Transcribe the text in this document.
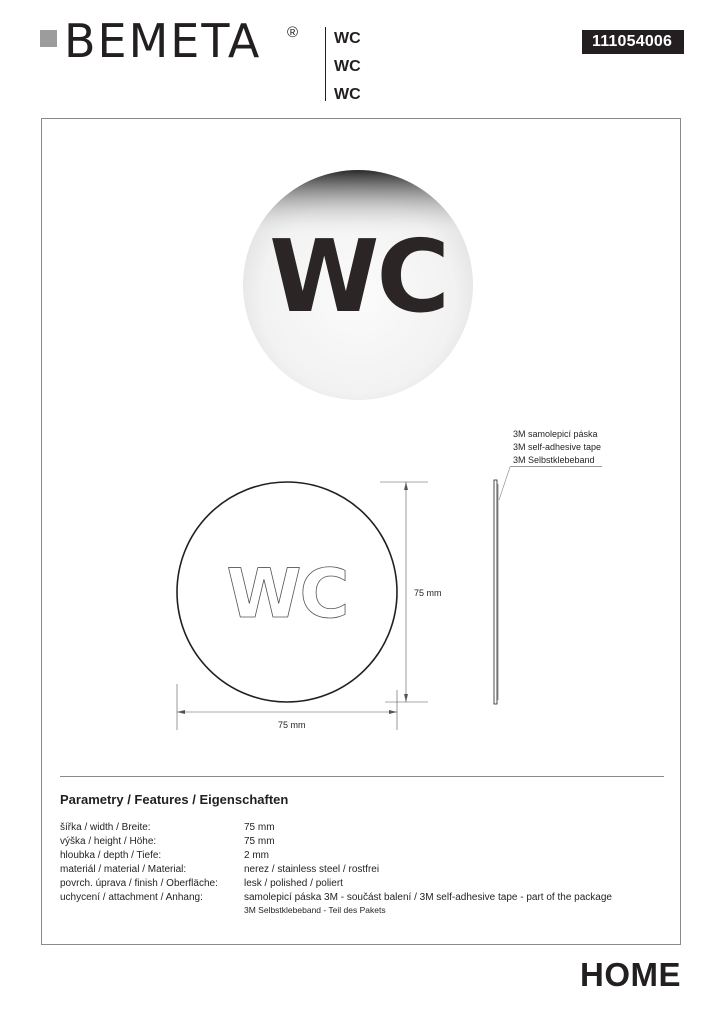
BEMETA ® WC
WC
WC
111054006
WC
WC
3M samolepicí páska
3M self-adhesive tape
3M Selbstklebeband
75 mm
75 mm
Parametry / Features / Eigenschaften
šířka / width / Breite:	75 mm
výška / height / Höhe:	75 mm
hloubka / depth / Tiefe:	2 mm
materiál / material / Material:	nerez / stainless steel / rostfrei
povrch. úprava / finish / Oberfläche:	lesk / polished / poliert
uchycení / attachment / Anhang:	samolepicí páska 3M - součást balení / 3M self-adhesive tape - part of the package
3M Selbstklebeband - Teil des Pakets
HOME
